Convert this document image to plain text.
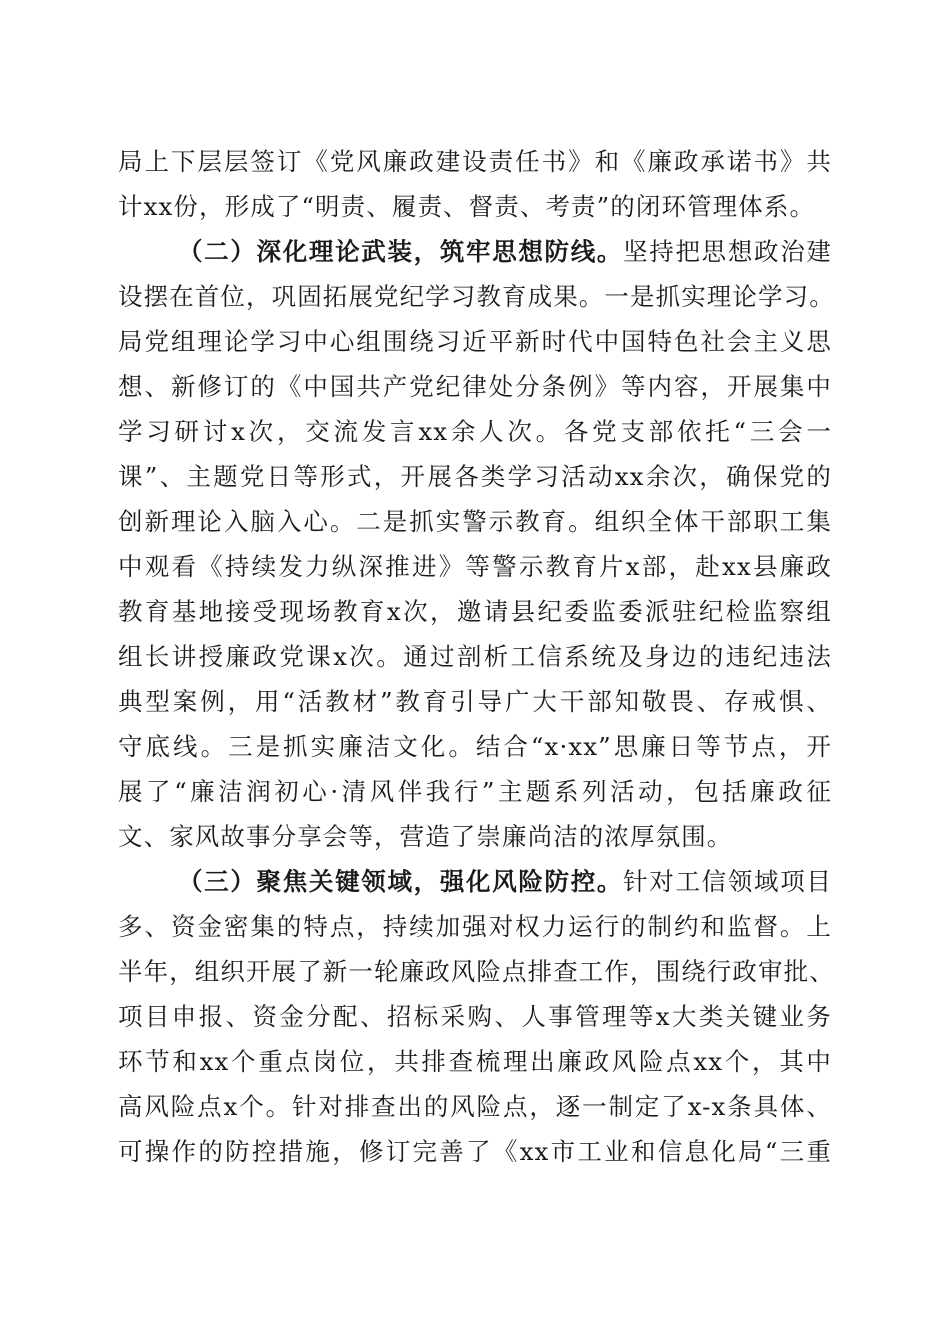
局上下层层签订《党风廉政建设责任书》和《廉政承诺书》共
计xx份，形成了“明责、履责、督责、考责”的闭环管理体系。
（二）深化理论武装，筑牢思想防线。坚持把思想政治建
设摆在首位，巩固拓展党纪学习教育成果。一是抓实理论学习。
局党组理论学习中心组围绕习近平新时代中国特色社会主义思
想、新修订的《中国共产党纪律处分条例》等内容，开展集中
学习研讨x次，交流发言xx余人次。各党支部依托“三会一
课”、主题党日等形式，开展各类学习活动xx余次，确保党的
创新理论入脑入心。二是抓实警示教育。组织全体干部职工集
中观看《持续发力纵深推进》等警示教育片x部，赴xx县廉政
教育基地接受现场教育x次，邀请县纪委监委派驻纪检监察组
组长讲授廉政党课x次。通过剖析工信系统及身边的违纪违法
典型案例，用“活教材”教育引导广大干部知敬畏、存戒惧、
守底线。三是抓实廉洁文化。结合“x·xx”思廉日等节点，开
展了“廉洁润初心·清风伴我行”主题系列活动，包括廉政征
文、家风故事分享会等，营造了崇廉尚洁的浓厚氛围。
（三）聚焦关键领域，强化风险防控。针对工信领域项目
多、资金密集的特点，持续加强对权力运行的制约和监督。上
半年，组织开展了新一轮廉政风险点排查工作，围绕行政审批、
项目申报、资金分配、招标采购、人事管理等x大类关键业务
环节和xx个重点岗位，共排查梳理出廉政风险点xx个，其中
高风险点x个。针对排查出的风险点，逐一制定了x-x条具体、
可操作的防控措施，修订完善了《xx市工业和信息化局“三重
